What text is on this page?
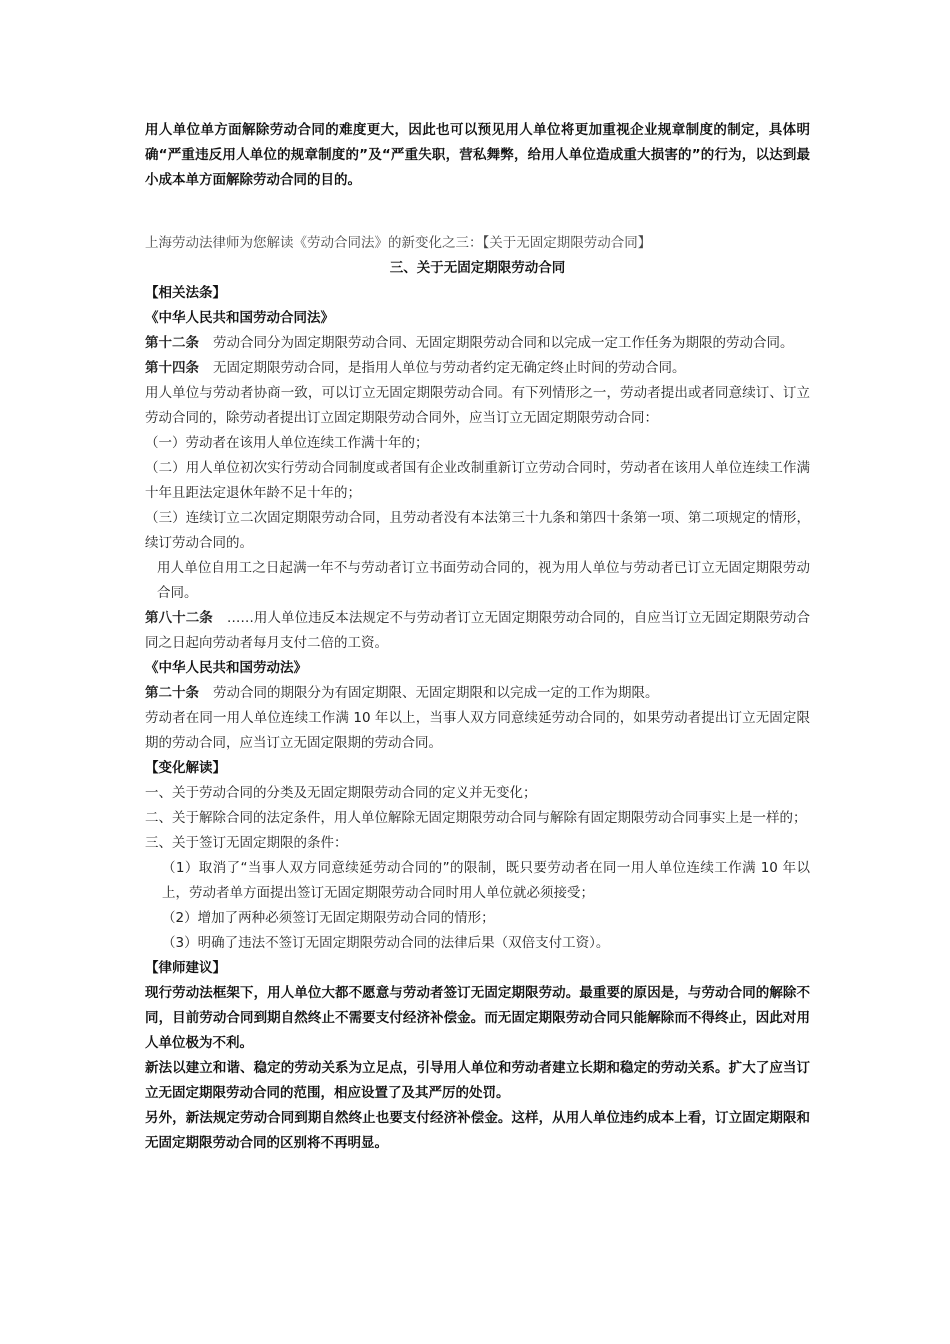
用人单位单方面解除劳动合同的难度更大，因此也可以预见用人单位将更加重视企业规章制度的制定，具体明确“严重违反用人单位的规章制度的”及“严重失职，营私舞弊，给用人单位造成重大损害的”的行为，以达到最小成本单方面解除劳动合同的目的。

上海劳动法律师为您解读《劳动合同法》的新变化之三：【关于无固定期限劳动合同】

三、关于无固定期限劳动合同

【相关法条】

《中华人民共和国劳动合同法》

第十二条 劳动合同分为固定期限劳动合同、无固定期限劳动合同和以完成一定工作任务为期限的劳动合同。

第十四条 无固定期限劳动合同，是指用人单位与劳动者约定无确定终止时间的劳动合同。

用人单位与劳动者协商一致，可以订立无固定期限劳动合同。有下列情形之一，劳动者提出或者同意续订、订立劳动合同的，除劳动者提出订立固定期限劳动合同外，应当订立无固定期限劳动合同：

（一）劳动者在该用人单位连续工作满十年的；

（二）用人单位初次实行劳动合同制度或者国有企业改制重新订立劳动合同时，劳动者在该用人单位连续工作满十年且距法定退休年龄不足十年的；

（三）连续订立二次固定期限劳动合同，且劳动者没有本法第三十九条和第四十条第一项、第二项规定的情形，续订劳动合同的。

用人单位自用工之日起满一年不与劳动者订立书面劳动合同的，视为用人单位与劳动者已订立无固定期限劳动合同。

第八十二条 ……用人单位违反本法规定不与劳动者订立无固定期限劳动合同的，自应当订立无固定期限劳动合同之日起向劳动者每月支付二倍的工资。

《中华人民共和国劳动法》

第二十条 劳动合同的期限分为有固定期限、无固定期限和以完成一定的工作为期限。

劳动者在同一用人单位连续工作满 10 年以上，当事人双方同意续延劳动合同的，如果劳动者提出订立无固定限期的劳动合同，应当订立无固定限期的劳动合同。

【变化解读】

一、关于劳动合同的分类及无固定期限劳动合同的定义并无变化；

二、关于解除合同的法定条件，用人单位解除无固定期限劳动合同与解除有固定期限劳动合同事实上是一样的；

三、关于签订无固定期限的条件：

（1）取消了“当事人双方同意续延劳动合同的”的限制，既只要劳动者在同一用人单位连续工作满 10 年以上，劳动者单方面提出签订无固定期限劳动合同时用人单位就必须接受；

（2）增加了两种必须签订无固定期限劳动合同的情形；

（3）明确了违法不签订无固定期限劳动合同的法律后果（双倍支付工资）。

【律师建议】

现行劳动法框架下，用人单位大都不愿意与劳动者签订无固定期限劳动。最重要的原因是，与劳动合同的解除不同，目前劳动合同到期自然终止不需要支付经济补偿金。而无固定期限劳动合同只能解除而不得终止，因此对用人单位极为不利。

新法以建立和谐、稳定的劳动关系为立足点，引导用人单位和劳动者建立长期和稳定的劳动关系。扩大了应当订立无固定期限劳动合同的范围，相应设置了及其严厉的处罚。

另外，新法规定劳动合同到期自然终止也要支付经济补偿金。这样，从用人单位违约成本上看，订立固定期限和无固定期限劳动合同的区别将不再明显。
